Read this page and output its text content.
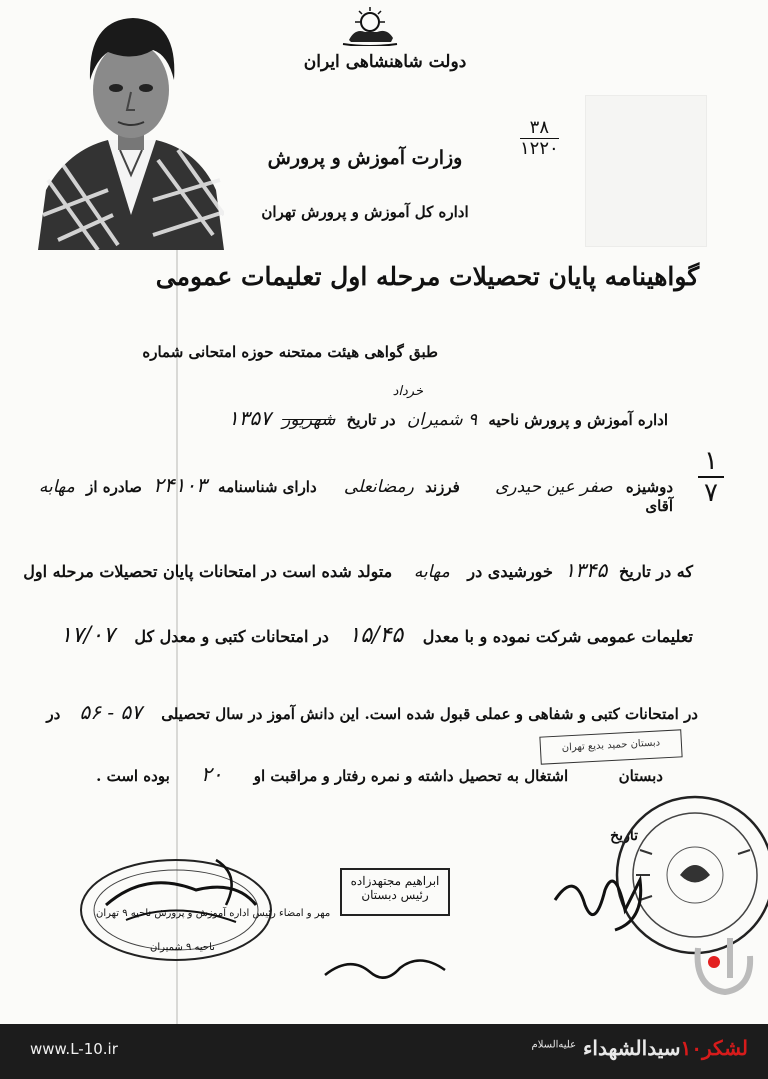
دولت شاهنشاهی ایران
۳۸
۱۲۲۰
وزارت آموزش و پرورش
اداره کل آموزش و پرورش تهران
گواهینامه پایان تحصیلات مرحله اول تعلیمات عمومی
طبق گواهی هیئت ممتحنه حوزه امتحانی شماره
اداره آموزش و پرورش ناحیه ۹ شمیران در تاریخ شهریور ۱۳۵۷
خرداد
دوشیزه صفر عین حیدری فرزند رمضانعلی دارای شناسنامه ۲۴۱۰۳ صادره از مهابه
آقای
۱
۷
که در تاریخ ۱۳۴۵ خورشیدی در مهابه متولد شده است در امتحانات پایان تحصیلات مرحله اول
تعلیمات عمومی شرکت نموده و با معدل ۱۵/۴۵ در امتحانات کتبی و معدل کل ۱۷/۰۷
در امتحانات کتبی و شفاهی و عملی قبول شده است. این دانش آموز در سال تحصیلی ۵۷ - ۵۶ در
دبستان  اشتغال به تحصیل داشته و نمره رفتار و مراقبت او ۲۰ بوده است .
دبستان حمید بدیع تهران
تاریخ
ابراهیم مجتهدزاده
رئیس دبستان
مهر و امضاء رئیس اداره آموزش و پرورش ناحیه ۹ تهران
ناحیه ۹ شمیران
www.L-10.ir	لشکر۱۰سیدالشهداء $^{علیه‌السلام}$
